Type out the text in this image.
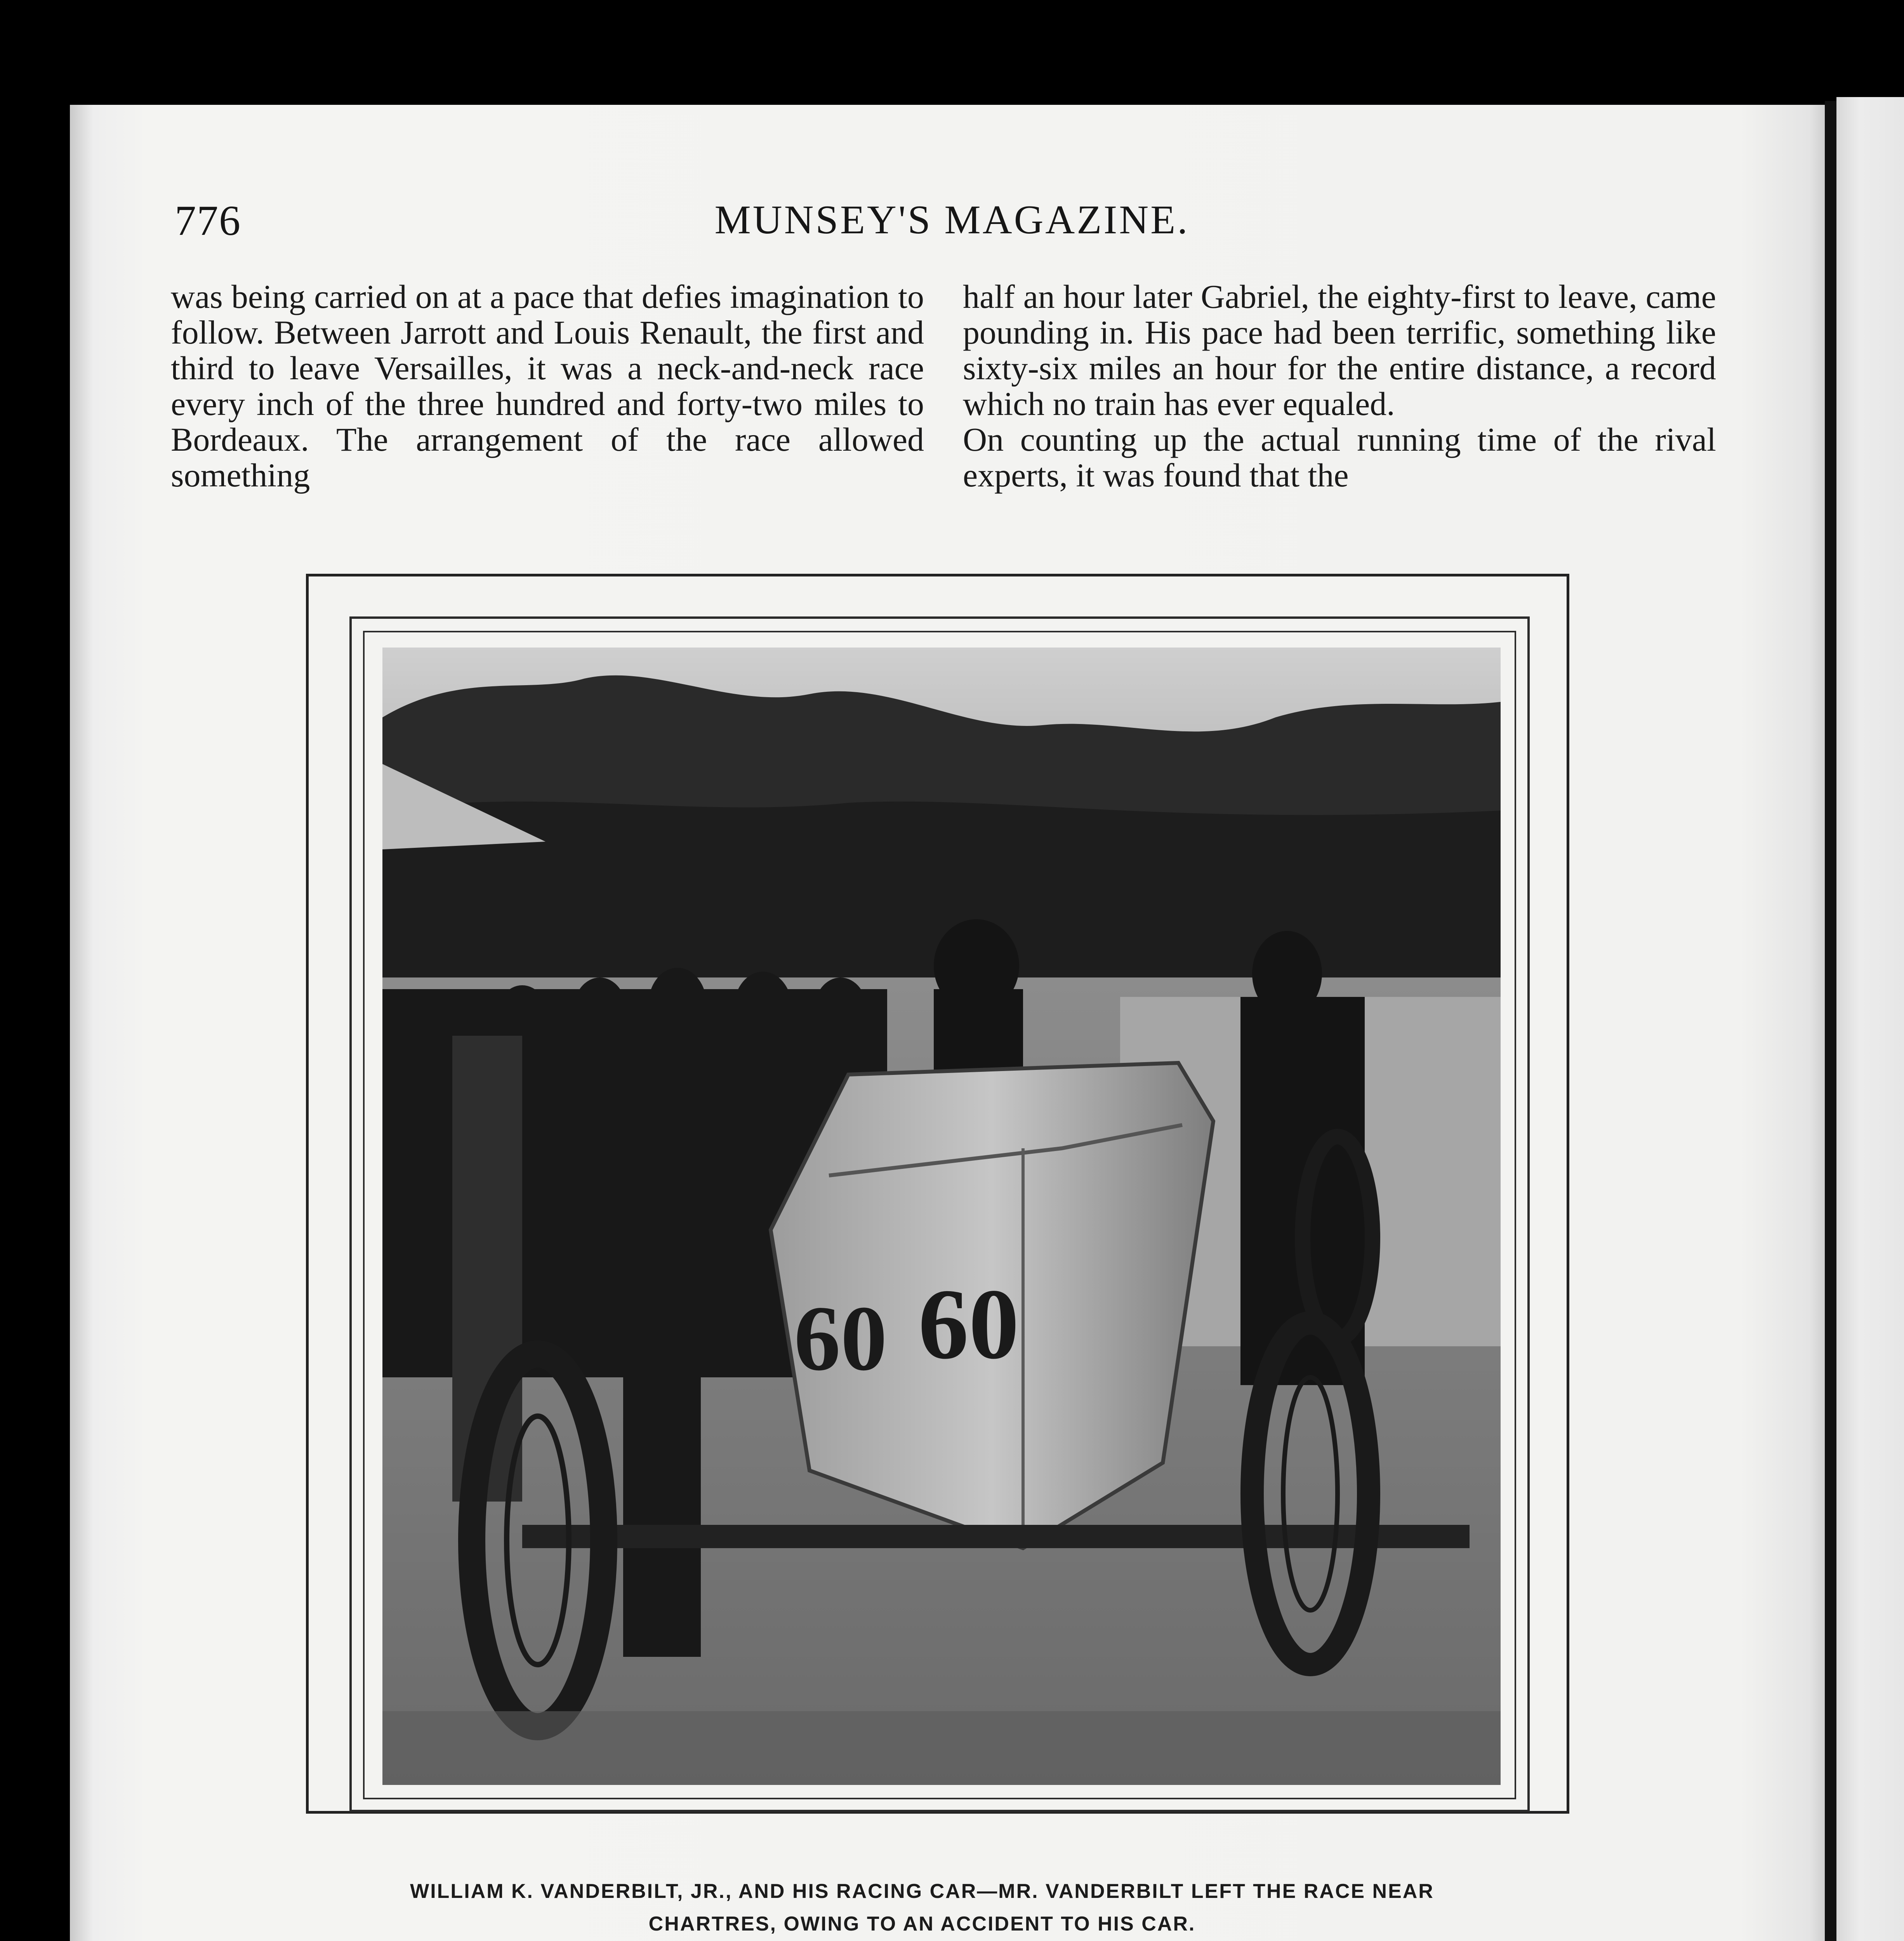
776	MUNSEY'S MAGAZINE.
was being carried on at a pace that defies imagination to follow. Between Jarrott and Louis Renault, the first and third to leave Versailles, it was a neck-and-neck race every inch of the three hundred and forty-two miles to Bordeaux. The arrangement of the race allowed something
half an hour later Gabriel, the eighty-first to leave, came pounding in. His pace had been terrific, something like sixty-six miles an hour for the entire distance, a record which no train has ever equaled.
On counting up the actual running time of the rival experts, it was found that the
60 60
WILLIAM K. VANDERBILT, JR., AND HIS RACING CAR—MR. VANDERBILT LEFT THE RACE NEAR
CHARTRES, OWING TO AN ACCIDENT TO HIS CAR.
